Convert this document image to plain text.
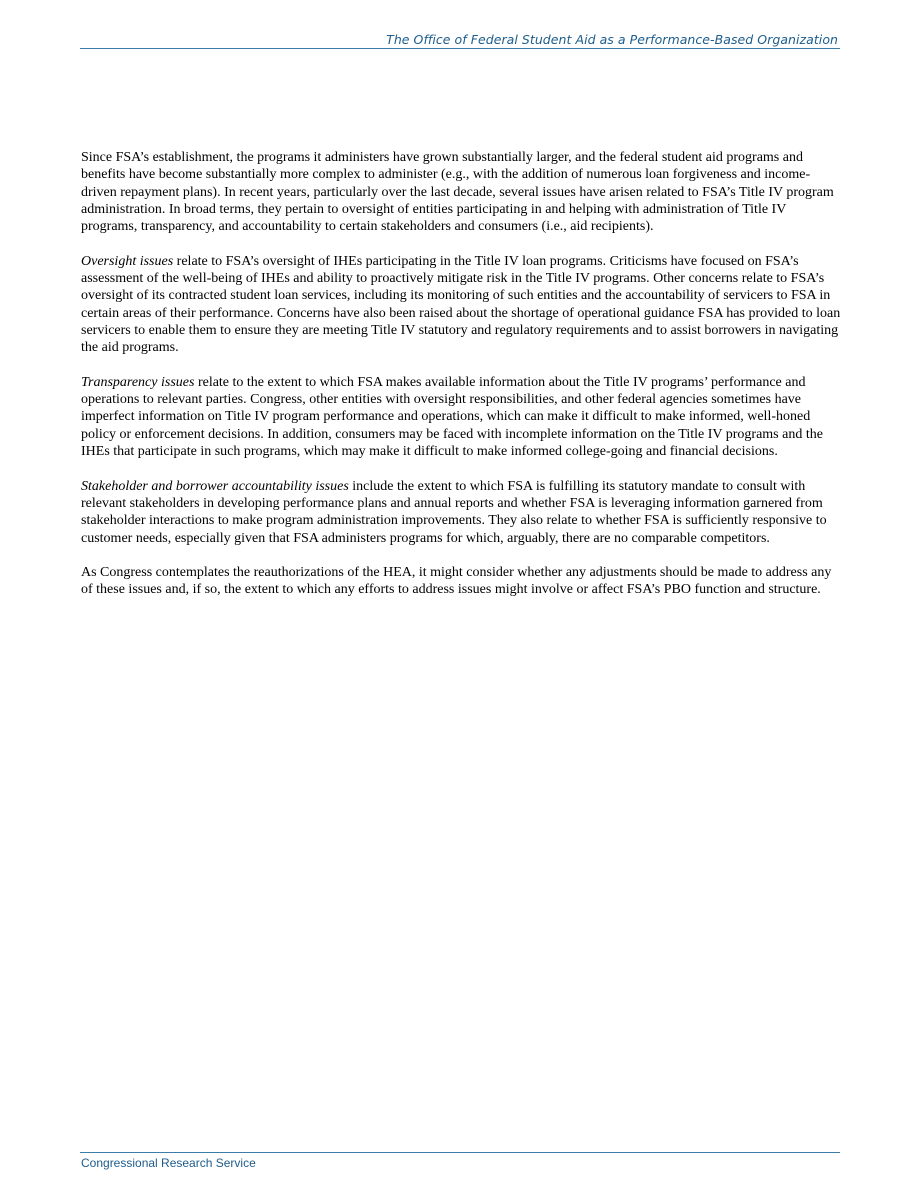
The Office of Federal Student Aid as a Performance-Based Organization

Since FSA’s establishment, the programs it administers have grown substantially larger, and the federal student aid programs and benefits have become substantially more complex to administer (e.g., with the addition of numerous loan forgiveness and income-driven repayment plans). In recent years, particularly over the last decade, several issues have arisen related to FSA’s Title IV program administration. In broad terms, they pertain to oversight of entities participating in and helping with administration of Title IV programs, transparency, and accountability to certain stakeholders and consumers (i.e., aid recipients).

Oversight issues relate to FSA’s oversight of IHEs participating in the Title IV loan programs. Criticisms have focused on FSA’s assessment of the well-being of IHEs and ability to proactively mitigate risk in the Title IV programs. Other concerns relate to FSA’s oversight of its contracted student loan services, including its monitoring of such entities and the accountability of servicers to FSA in certain areas of their performance. Concerns have also been raised about the shortage of operational guidance FSA has provided to loan servicers to enable them to ensure they are meeting Title IV statutory and regulatory requirements and to assist borrowers in navigating the aid programs.

Transparency issues relate to the extent to which FSA makes available information about the Title IV programs’ performance and operations to relevant parties. Congress, other entities with oversight responsibilities, and other federal agencies sometimes have imperfect information on Title IV program performance and operations, which can make it difficult to make informed, well-honed policy or enforcement decisions. In addition, consumers may be faced with incomplete information on the Title IV programs and the IHEs that participate in such programs, which may make it difficult to make informed college-going and financial decisions.

Stakeholder and borrower accountability issues include the extent to which FSA is fulfilling its statutory mandate to consult with relevant stakeholders in developing performance plans and annual reports and whether FSA is leveraging information garnered from stakeholder interactions to make program administration improvements. They also relate to whether FSA is sufficiently responsive to customer needs, especially given that FSA administers programs for which, arguably, there are no comparable competitors.

As Congress contemplates the reauthorizations of the HEA, it might consider whether any adjustments should be made to address any of these issues and, if so, the extent to which any efforts to address issues might involve or affect FSA’s PBO function and structure.

Congressional Research Service
